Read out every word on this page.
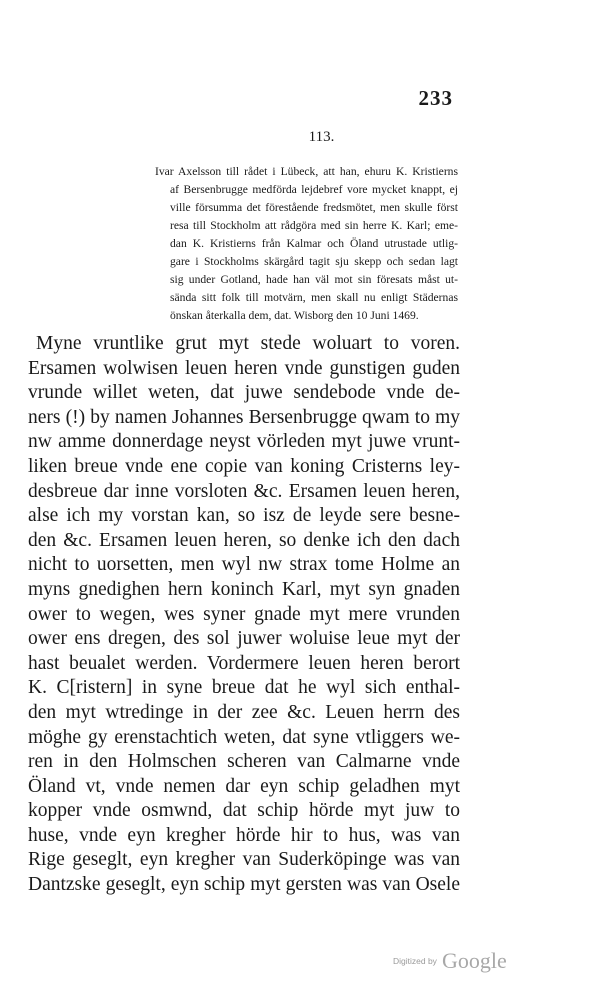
233
113.
Ivar Axelsson till rådet i Lübeck, att han, ehuru K. Kristierns
af Bersenbrugge medförda lejdebref vore mycket knappt, ej
ville försumma det förestående fredsmötet, men skulle först
resa till Stockholm att rådgöra med sin herre K. Karl; eme-
dan K. Kristierns från Kalmar och Öland utrustade utlig-
gare i Stockholms skärgård tagit sju skepp och sedan lagt
sig under Gotland, hade han väl mot sin föresats måst ut-
sända sitt folk till motvärn, men skall nu enligt Städernas
önskan återkalla dem, dat. Wisborg den 10 Juni 1469.
Myne vruntlike grut myt stede woluart to voren.
Ersamen wolwisen leuen heren vnde gunstigen guden
vrunde willet weten, dat juwe sendebode vnde de-
ners (!) by namen Johannes Bersenbrugge qwam to my
nw amme donnerdage neyst vörleden myt juwe vrunt-
liken breue vnde ene copie van koning Cristerns ley-
desbreue dar inne vorsloten &c. Ersamen leuen heren,
alse ich my vorstan kan, so isz de leyde sere besne-
den &c. Ersamen leuen heren, so denke ich den dach
nicht to uorsetten, men wyl nw strax tome Holme an
myns gnedighen hern koninch Karl, myt syn gnaden
ower to wegen, wes syner gnade myt mere vrunden
ower ens dregen, des sol juwer woluise leue myt der
hast beualet werden. Vordermere leuen heren berort
K. C[ristern] in syne breue dat he wyl sich enthal-
den myt wtredinge in der zee &c. Leuen herrn des
möghe gy erenstachtich weten, dat syne vtliggers we-
ren in den Holmschen scheren van Calmarne vnde
Öland vt, vnde nemen dar eyn schip geladhen myt
kopper vnde osmwnd, dat schip hörde myt juw to
huse, vnde eyn kregher hörde hir to hus, was van
Rige geseglt, eyn kregher van Suderköpinge was van
Dantzske geseglt, eyn schip myt gersten was van Osele
Digitized by Google
